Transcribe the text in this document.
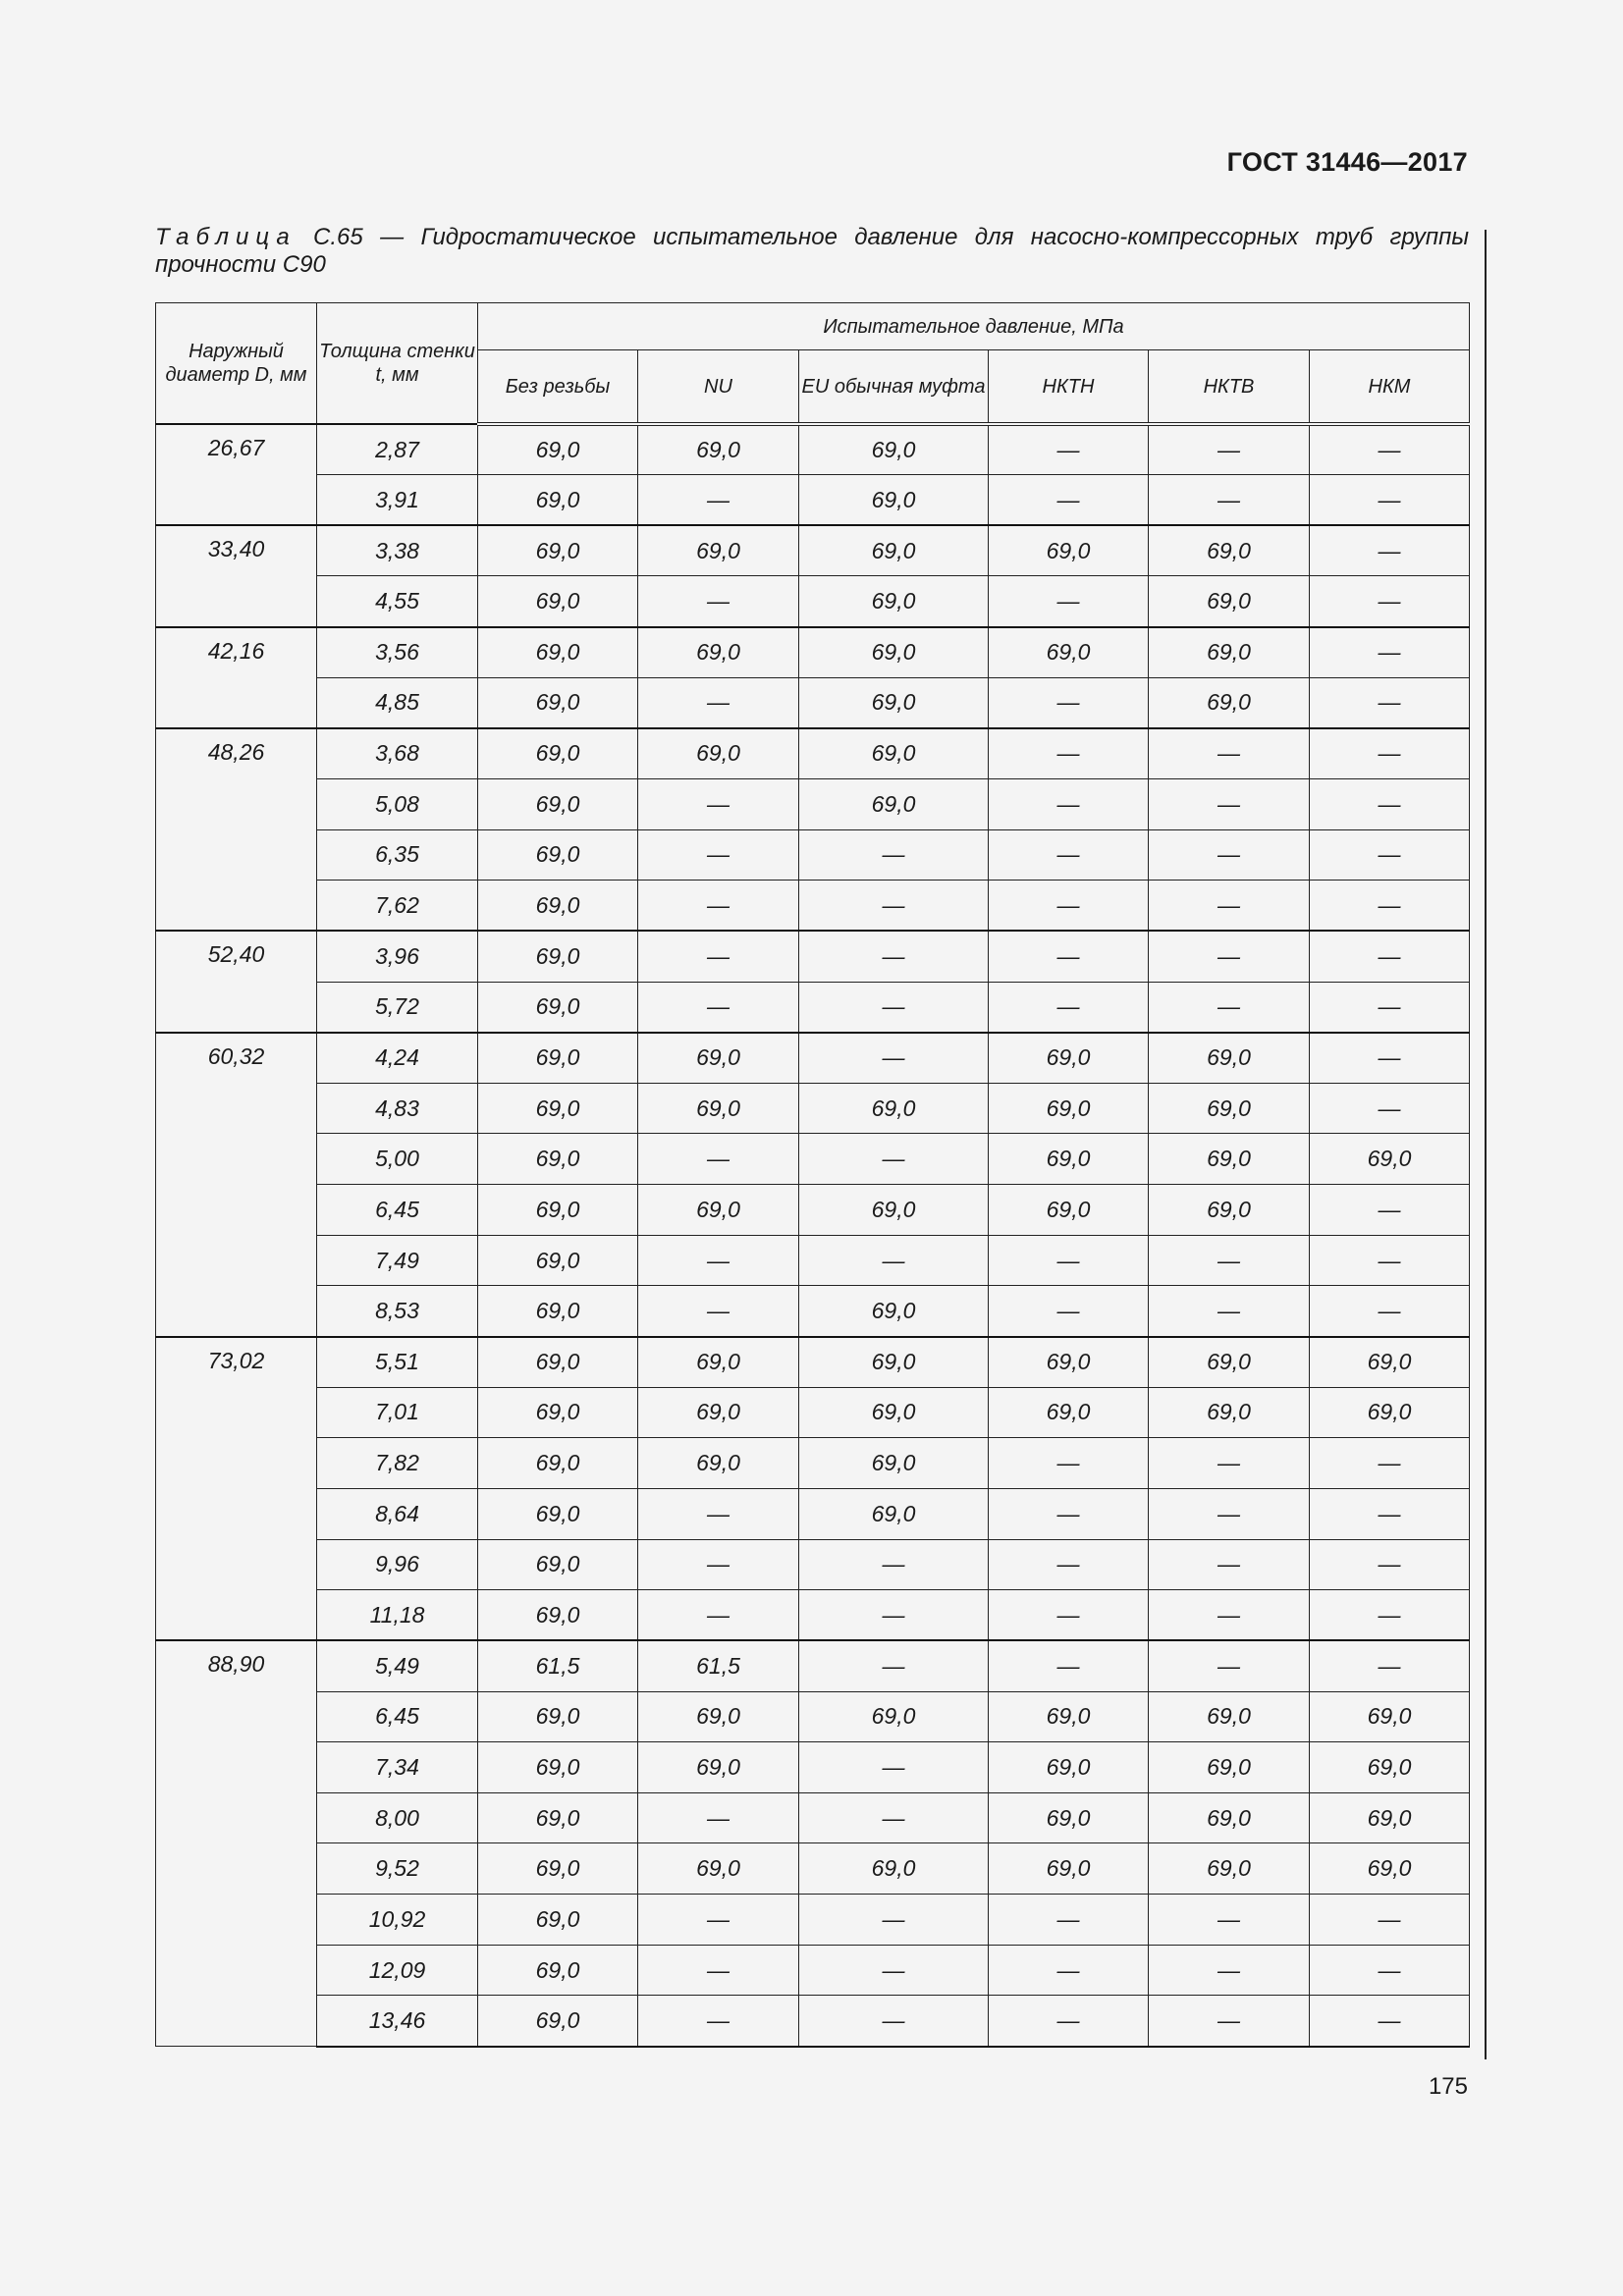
ГОСТ 31446—2017
Таблица С.65 — Гидростатическое испытательное давление для насосно-компрессорных труб группы прочности C90
Наружный диаметр D, мм	Толщина стенки t, мм	Испытательное давление, МПа					
		Без резьбы	NU	EU обычная муфта	НКТН	НКТВ	НКМ
26,67	2,87	69,0	69,0	69,0	—	—	—
	3,91	69,0	—	69,0	—	—	—
33,40	3,38	69,0	69,0	69,0	69,0	69,0	—
	4,55	69,0	—	69,0	—	69,0	—
42,16	3,56	69,0	69,0	69,0	69,0	69,0	—
	4,85	69,0	—	69,0	—	69,0	—
48,26	3,68	69,0	69,0	69,0	—	—	—
	5,08	69,0	—	69,0	—	—	—
	6,35	69,0	—	—	—	—	—
	7,62	69,0	—	—	—	—	—
52,40	3,96	69,0	—	—	—	—	—
	5,72	69,0	—	—	—	—	—
60,32	4,24	69,0	69,0	—	69,0	69,0	—
	4,83	69,0	69,0	69,0	69,0	69,0	—
	5,00	69,0	—	—	69,0	69,0	69,0
	6,45	69,0	69,0	69,0	69,0	69,0	—
	7,49	69,0	—	—	—	—	—
	8,53	69,0	—	69,0	—	—	—
73,02	5,51	69,0	69,0	69,0	69,0	69,0	69,0
	7,01	69,0	69,0	69,0	69,0	69,0	69,0
	7,82	69,0	69,0	69,0	—	—	—
	8,64	69,0	—	69,0	—	—	—
	9,96	69,0	—	—	—	—	—
	11,18	69,0	—	—	—	—	—
88,90	5,49	61,5	61,5	—	—	—	—
	6,45	69,0	69,0	69,0	69,0	69,0	69,0
	7,34	69,0	69,0	—	69,0	69,0	69,0
	8,00	69,0	—	—	69,0	69,0	69,0
	9,52	69,0	69,0	69,0	69,0	69,0	69,0
	10,92	69,0	—	—	—	—	—
	12,09	69,0	—	—	—	—	—
	13,46	69,0	—	—	—	—	—
175
